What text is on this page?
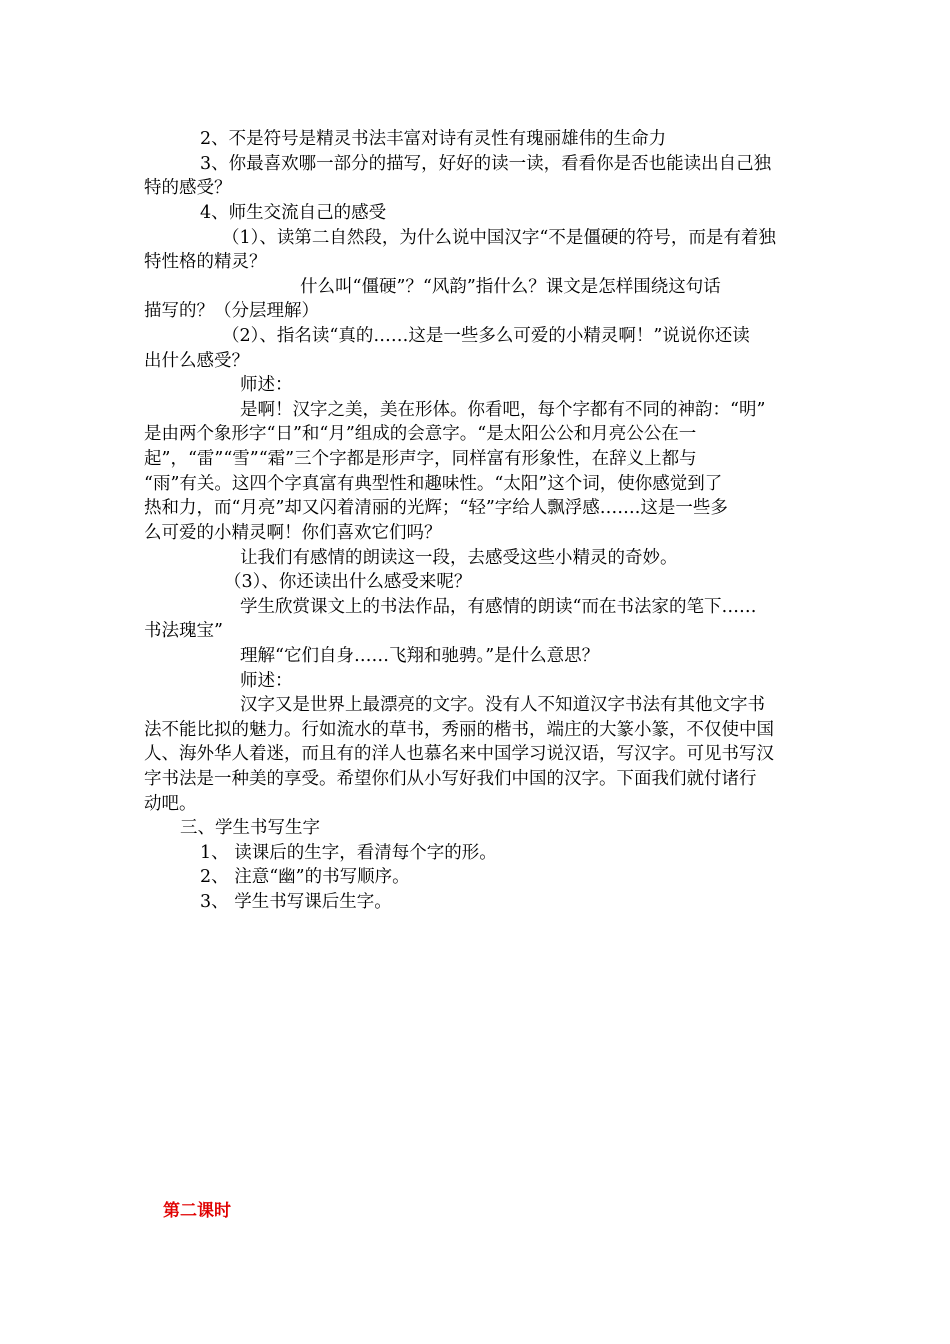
2、不是符号是精灵书法丰富对诗有灵性有瑰丽雄伟的生命力
3、你最喜欢哪一部分的描写，好好的读一读，看看你是否也能读出自己独
特的感受？
4、师生交流自己的感受
（1）、读第二自然段，为什么说中国汉字“不是僵硬的符号，而是有着独
特性格的精灵？
什么叫“僵硬”？“风韵”指什么？课文是怎样围绕这句话
描写的？（分层理解）
（2）、指名读“真的……这是一些多么可爱的小精灵啊！”说说你还读
出什么感受？
师述：
是啊！汉字之美，美在形体。你看吧，每个字都有不同的神韵：“明”
是由两个象形字“日”和“月”组成的会意字。“是太阳公公和月亮公公在一
起”，“雷”“雪”“霜”三个字都是形声字，同样富有形象性，在辞义上都与
“雨”有关。这四个字真富有典型性和趣味性。“太阳”这个词，使你感觉到了
热和力，而“月亮”却又闪着清丽的光辉；“轻”字给人飘浮感…….这是一些多
么可爱的小精灵啊！你们喜欢它们吗？
让我们有感情的朗读这一段，去感受这些小精灵的奇妙。
（3）、你还读出什么感受来呢？
学生欣赏课文上的书法作品，有感情的朗读“而在书法家的笔下……
书法瑰宝”
理解“它们自身……飞翔和驰骋。”是什么意思？
师述：
汉字又是世界上最漂亮的文字。没有人不知道汉字书法有其他文字书
法不能比拟的魅力。行如流水的草书，秀丽的楷书，端庄的大篆小篆，不仅使中国
人、海外华人着迷，而且有的洋人也慕名来中国学习说汉语，写汉字。可见书写汉
字书法是一种美的享受。希望你们从小写好我们中国的汉字。下面我们就付诸行
动吧。
三、学生书写生字
1、 读课后的生字，看清每个字的形。
2、 注意“幽”的书写顺序。
3、 学生书写课后生字。
第二课时
